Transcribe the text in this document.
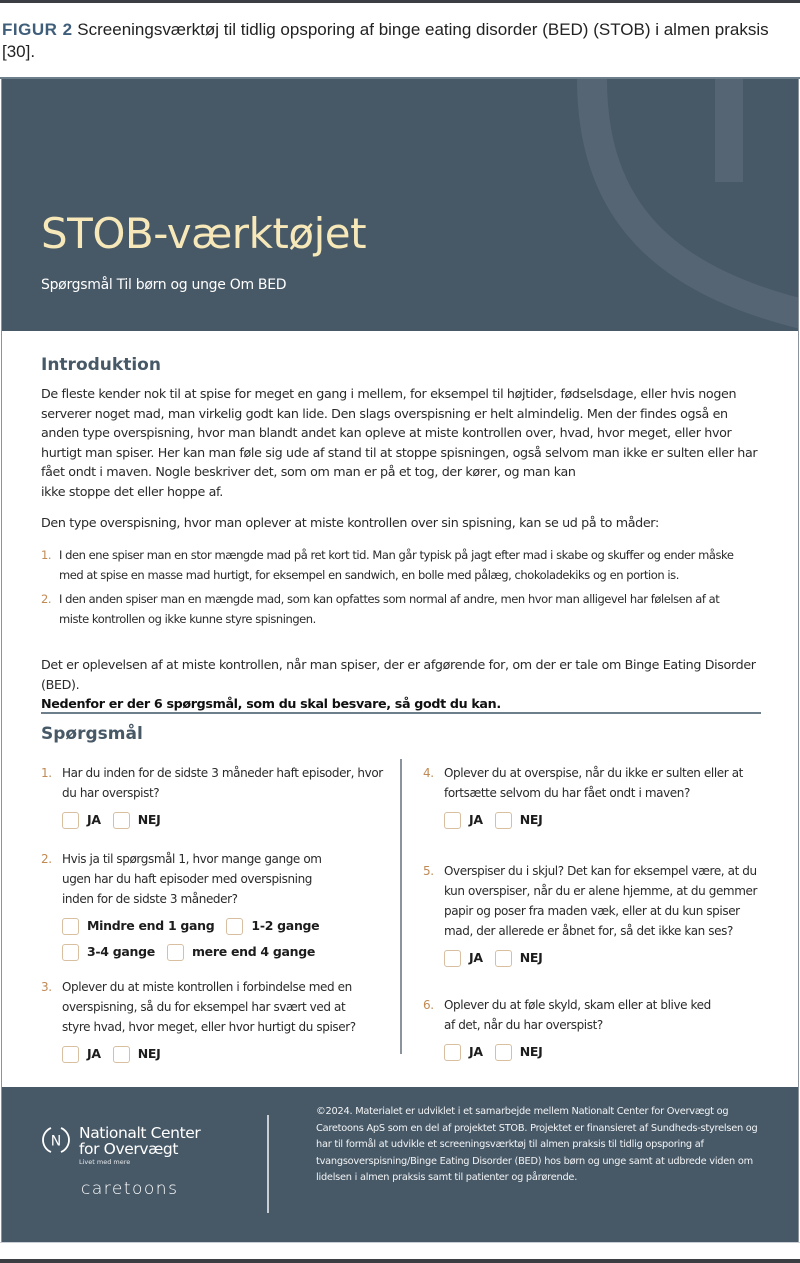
FIGUR 2 Screeningsværktøj til tidlig opsporing af binge eating disorder (BED) (STOB) i almen praksis [30].
STOB-værktøjet
Spørgsmål Til børn og unge Om BED
Introduktion
De fleste kender nok til at spise for meget en gang i mellem, for eksempel til højtider, fødselsdage, eller hvis nogen serverer noget mad, man virkelig godt kan lide. Den slags overspisning er helt almindelig. Men der findes også en anden type overspisning, hvor man blandt andet kan opleve at miste kontrollen over, hvad, hvor meget, eller hvor hurtigt man spiser. Her kan man føle sig ude af stand til at stoppe spisningen, også selvom man ikke er sulten eller har fået ondt i maven. Nogle beskriver det, som om man er på et tog, der kører, og man kan
ikke stoppe det eller hoppe af.
Den type overspisning, hvor man oplever at miste kontrollen over sin spisning, kan se ud på to måder:
1. I den ene spiser man en stor mængde mad på ret kort tid. Man går typisk på jagt efter mad i skabe og skuffer og ender måske med at spise en masse mad hurtigt, for eksempel en sandwich, en bolle med pålæg, chokoladekiks og en portion is.
2. I den anden spiser man en mængde mad, som kan opfattes som normal af andre, men hvor man alligevel har følelsen af at miste kontrollen og ikke kunne styre spisningen.
Det er oplevelsen af at miste kontrollen, når man spiser, der er afgørende for, om der er tale om Binge Eating Disorder (BED).
Nedenfor er der 6 spørgsmål, som du skal besvare, så godt du kan.
Spørgsmål
1. Har du inden for de sidste 3 måneder haft episoder, hvor du har overspist?
JA	NEJ
2. Hvis ja til spørgsmål 1, hvor mange gange om ugen har du haft episoder med overspisning inden for de sidste 3 måneder?
Mindre end 1 gang	1-2 gange
3-4 gange	mere end 4 gange
3. Oplever du at miste kontrollen i forbindelse med en overspisning, så du for eksempel har svært ved at styre hvad, hvor meget, eller hvor hurtigt du spiser?
JA	NEJ
4. Oplever du at overspise, når du ikke er sulten eller at fortsætte selvom du har fået ondt i maven?
JA	NEJ
5. Overspiser du i skjul? Det kan for eksempel være, at du kun overspiser, når du er alene hjemme, at du gemmer papir og poser fra maden væk, eller at du kun spiser mad, der allerede er åbnet for, så det ikke kan ses?
JA	NEJ
6. Oplever du at føle skyld, skam eller at blive ked af det, når du har overspist?
JA	NEJ
N Nationalt Center
for Overvægt
Livet med mere
caretoons
©2024. Materialet er udviklet i et samarbejde mellem Nationalt Center for Overvægt og Caretoons ApS som en del af projektet STOB. Projektet er finansieret af Sundheds-styrelsen og har til formål at udvikle et screeningsværktøj til almen praksis til tidlig opsporing af tvangsoverspisning/Binge Eating Disorder (BED) hos børn og unge samt at udbrede viden om lidelsen i almen praksis samt til patienter og pårørende.
